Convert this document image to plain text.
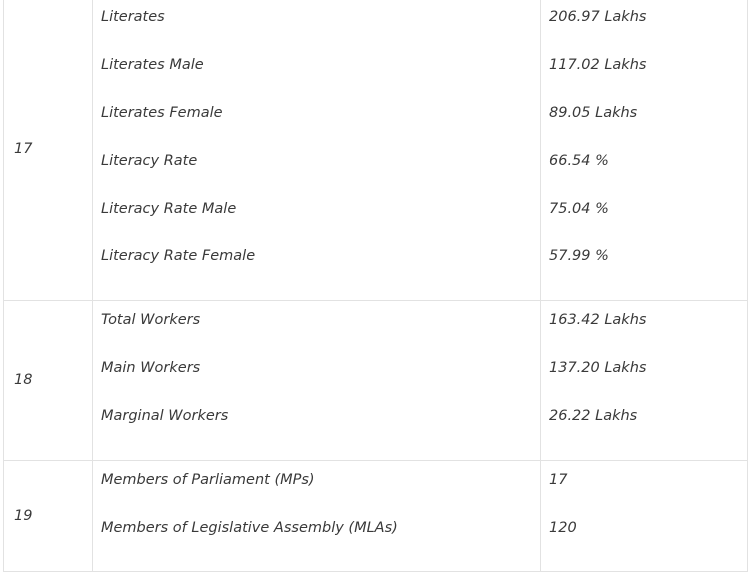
17
Literates	206.97 Lakhs
Literates Male	117.02 Lakhs
Literates Female	89.05 Lakhs
Literacy Rate	66.54 %
Literacy Rate Male	75.04 %
Literacy Rate Female	57.99 %
18
Total Workers	163.42 Lakhs
Main Workers	137.20 Lakhs
Marginal Workers	26.22 Lakhs
19
Members of Parliament (MPs)	17
Members of Legislative Assembly (MLAs)	120
